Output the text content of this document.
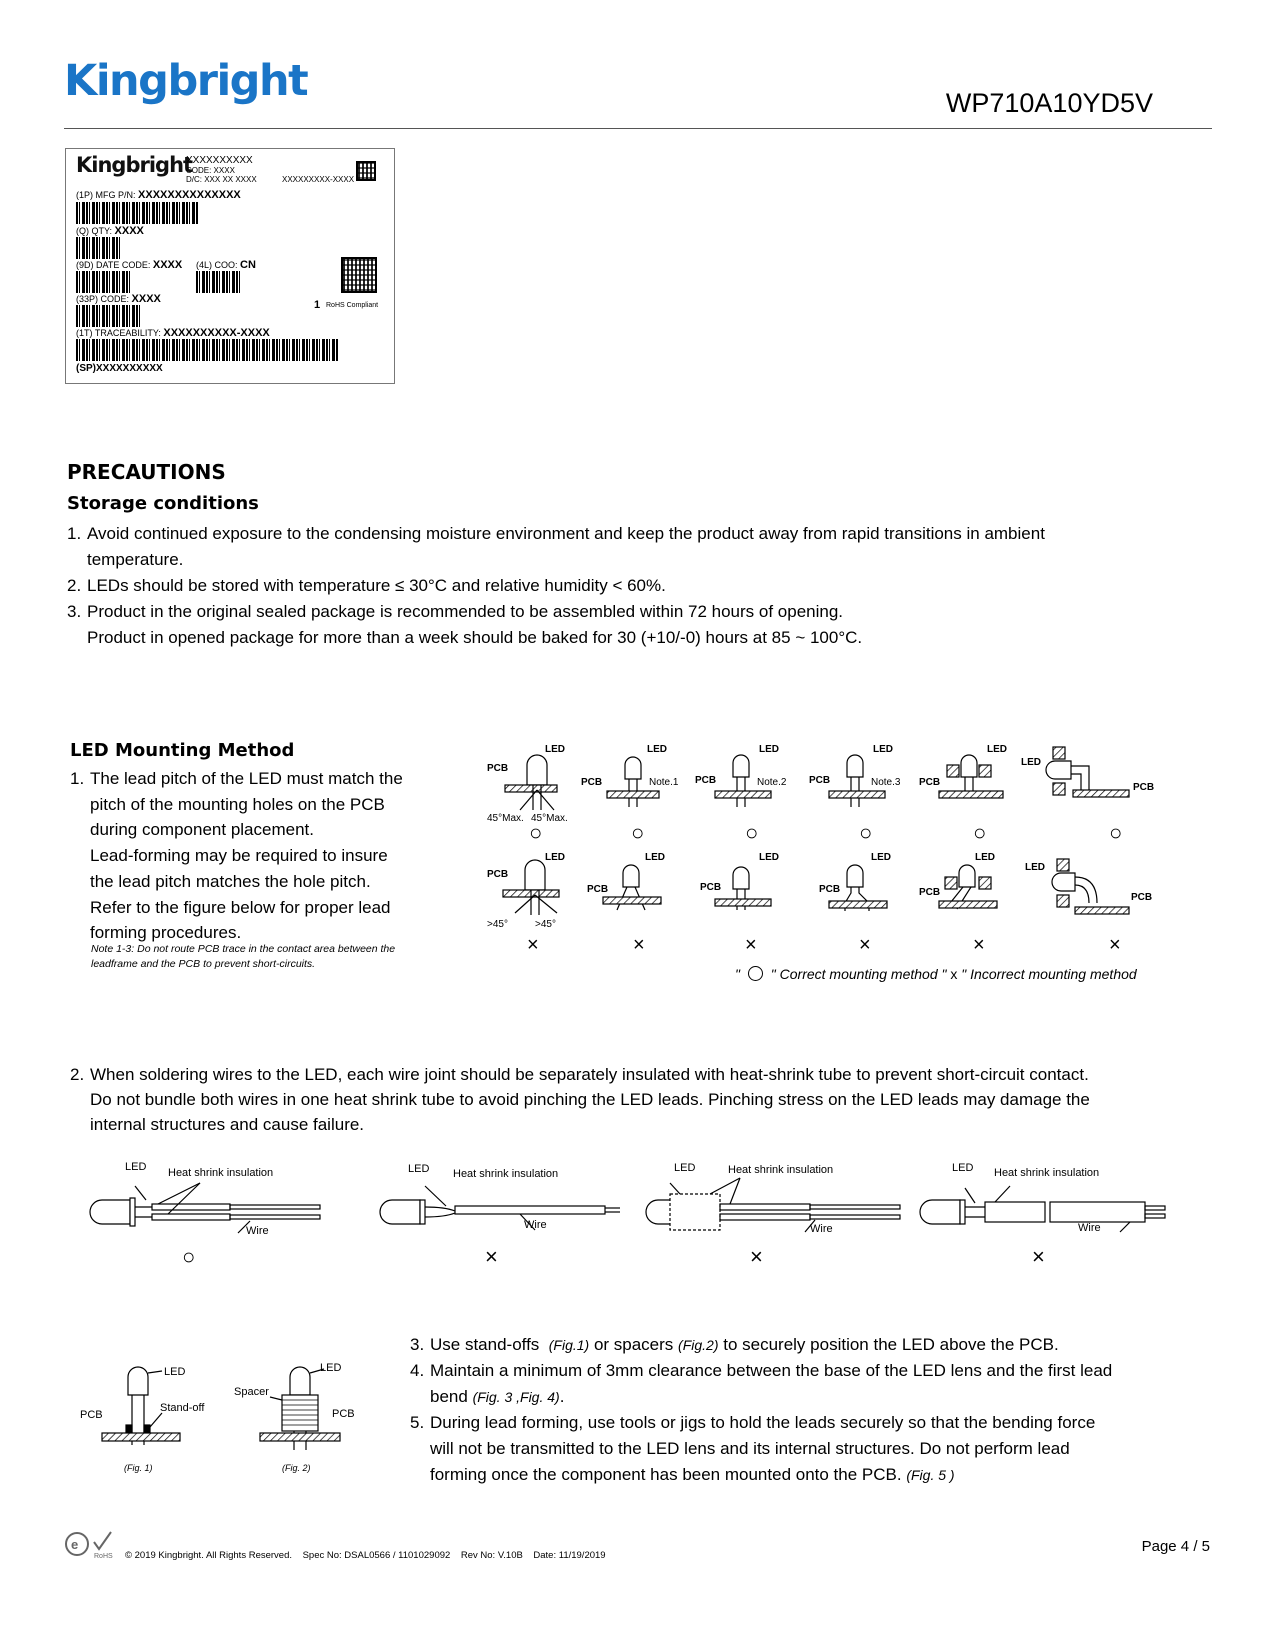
Kingbright	WP710A10YD5V
Kingbright
XXXXXXXXXX
CODE: XXXX
D/C: XXX XX XXXX	XXXXXXXXX-XXXX
(1P) MFG P/N: XXXXXXXXXXXXXX
(Q) QTY: XXXX
(9D) DATE CODE: XXXX (4L) COO: CN
(33P) CODE: XXXX	1 RoHS Compliant
(1T) TRACEABILITY: XXXXXXXXXX-XXXX
(SP)XXXXXXXXXX
PRECAUTIONS
Storage conditions
1. Avoid continued exposure to the condensing moisture environment and keep the product away from rapid transitions in ambient
temperature.
2. LEDs should be stored with temperature ≤ 30°C and relative humidity < 60%.
3. Product in the original sealed package is recommended to be assembled within 72 hours of opening.
Product in opened package for more than a week should be baked for 30 (+10/-0) hours at 85 ~ 100°C.
LED Mounting Method
1. The lead pitch of the LED must match the
pitch of the mounting holes on the PCB
during component placement.
Lead-forming may be required to insure
the lead pitch matches the hole pitch.
Refer to the figure below for proper lead
forming procedures.
Note 1-3: Do not route PCB trace in the contact area between the
leadframe and the PCB to prevent short-circuits.
LED
PCB
45°Max. 45°Max.
LED
PCB	Note.1
LED
PCB	Note.2
LED
PCB	Note.3
LED
PCB
LED
PCB
○	○	○	○	○	○
LED
PCB
>45°	>45°
LED
PCB
LED
PCB
LED
PCB
LED
PCB
LED
PCB
×	×	×	×	×	×
" " Correct mounting method " x " Incorrect mounting method
2. When soldering wires to the LED, each wire joint should be separately insulated with heat-shrink tube to prevent short-circuit contact.
Do not bundle both wires in one heat shrink tube to avoid pinching the LED leads. Pinching stress on the LED leads may damage the
internal structures and cause failure.
LED Heat shrink insulation
Wire
LED Heat shrink insulation
Wire
LED	Heat shrink insulation
Wire
LED Heat shrink insulation
Wire
○	×	×	×
LED
PCB
Stand-off
(Fig. 1)
LED
Spacer
PCB
(Fig. 2)
3. Use stand-offs (Fig.1) or spacers (Fig.2) to securely position the LED above the PCB.
4. Maintain a minimum of 3mm clearance between the base of the LED lens and the first lead
bend (Fig. 3 ,Fig. 4).
5. During lead forming, use tools or jigs to hold the leads securely so that the bending force
will not be transmitted to the LED lens and its internal structures. Do not perform lead
forming once the component has been mounted onto the PCB. (Fig. 5 )
e
RoHS © 2019 Kingbright. All Rights Reserved. Spec No: DSAL0566 / 1101029092 Rev No: V.10B Date: 11/19/2019
Page 4 / 5
